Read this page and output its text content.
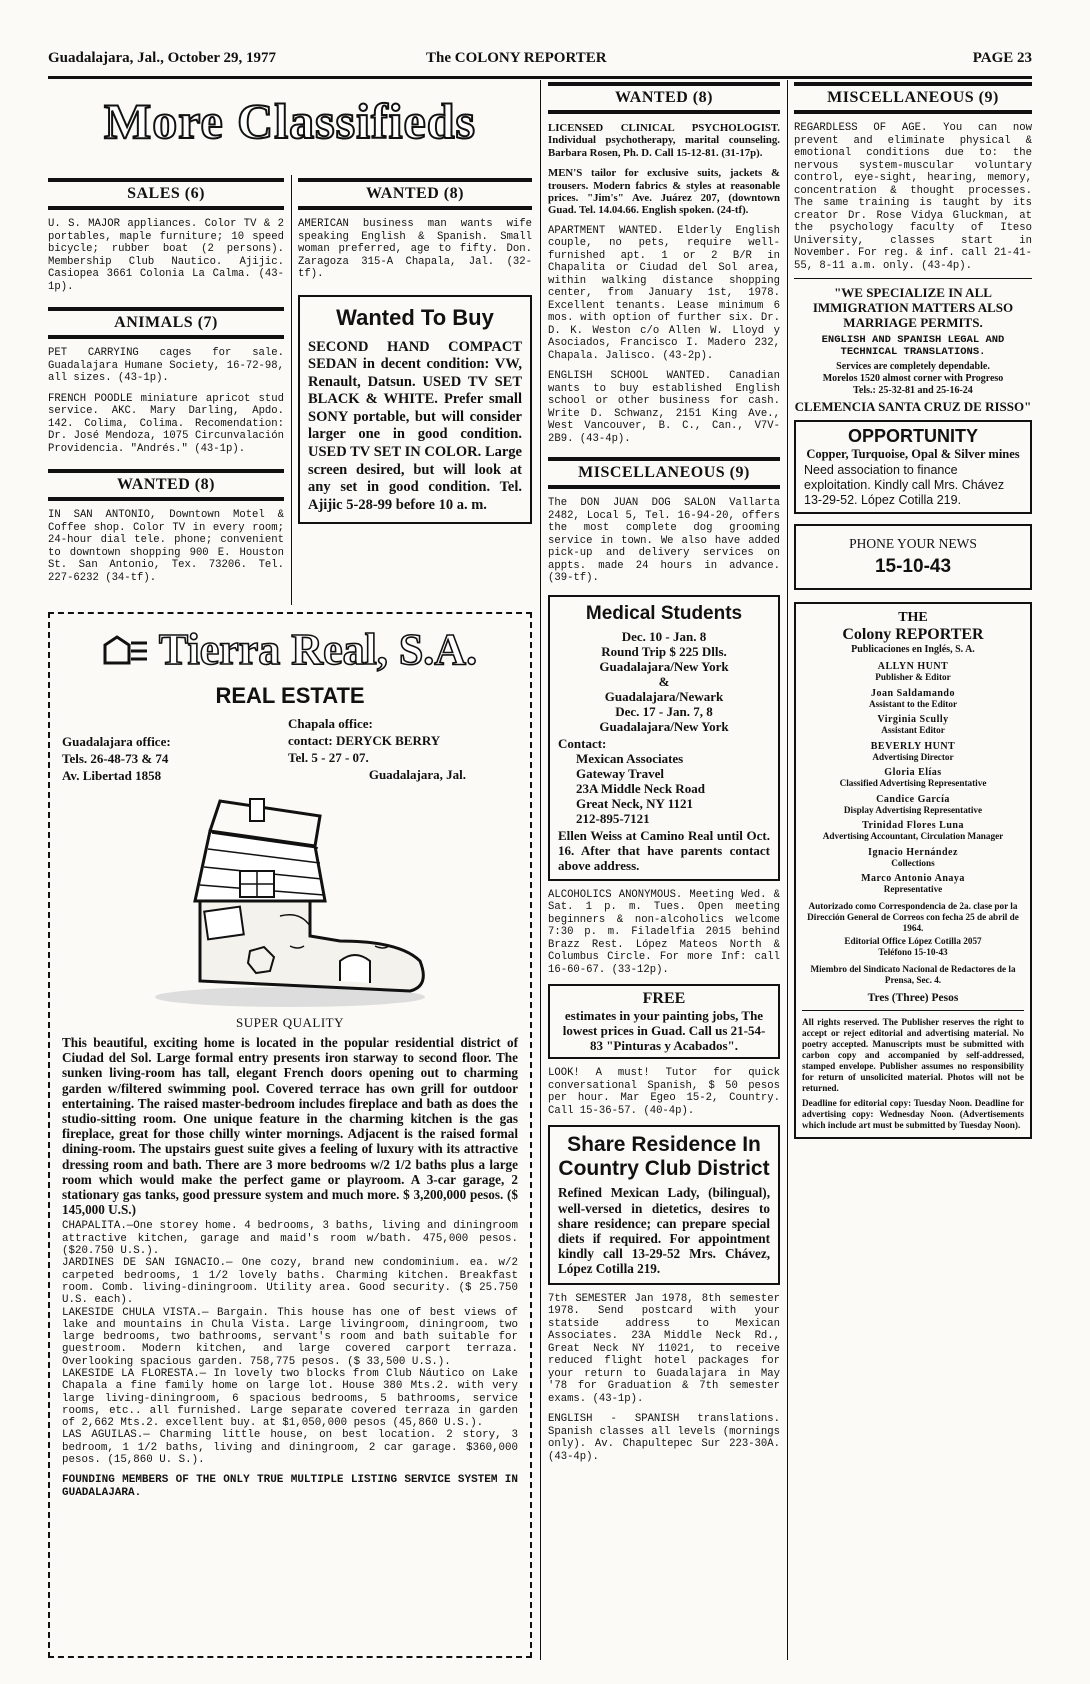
Guadalajara, Jal., October 29, 1977	The COLONY REPORTER	PAGE 23
More Classifieds
SALES (6)

U. S. MAJOR appliances. Color TV & 2 portables, maple furniture; 10 speed bicycle; rubber boat (2 persons). Membership Club Nautico. Ajijic. Casiopea 3661 Colonia La Calma. (43-1p).

ANIMALS (7)

PET CARRYING cages for sale. Guadalajara Humane Society, 16-72-98, all sizes. (43-1p).

FRENCH POODLE miniature apricot stud service. AKC. Mary Darling, Apdo. 142. Colima, Colima. Recomendation: Dr. José Mendoza, 1075 Circunvalación Providencia. "Andrés." (43-1p).

WANTED (8)

IN SAN ANTONIO, Downtown Motel & Coffee shop. Color TV in every room; 24-hour dial tele. phone; convenient to downtown shopping 900 E. Houston St. San Antonio, Tex. 73206. Tel. 227-6232 (34-tf).

WANTED (8)

AMERICAN business man wants wife speaking English & Spanish. Small woman preferred, age to fifty. Don. Zaragoza 315-A Chapala, Jal. (32-tf).

Wanted To Buy

SECOND HAND COMPACT SEDAN in decent condition: VW, Renault, Datsun. USED TV SET BLACK & WHITE. Prefer small SONY portable, but will consider larger one in good condition. USED TV SET IN COLOR. Large screen desired, but will look at any set in good condition. Tel. Ajijic 5-28-99 before 10 a. m.

Tierra Real, S.A.
REAL ESTATE
Guadalajara office:
Tels. 26-48-73 & 74
Av. Libertad 1858
Chapala office:
contact: DERYCK BERRY
Tel. 5 - 27 - 07.
Guadalajara, Jal.
SUPER QUALITY

This beautiful, exciting home is located in the popular residential district of Ciudad del Sol. Large formal entry presents iron starway to second floor. The sunken living-room has tall, elegant French doors opening out to charming garden w/filtered swimming pool. Covered terrace has own grill for outdoor entertaining. The raised master-bedroom includes fireplace and bath as does the studio-sitting room. One unique feature in the charming kitchen is the gas fireplace, great for those chilly winter mornings. Adjacent is the raised formal dining-room. The upstairs guest suite gives a feeling of luxury with its attractive dressing room and bath. There are 3 more bedrooms w/2 1/2 baths plus a large room which would make the perfect game or playroom. A 3-car garage, 2 stationary gas tanks, good pressure system and much more. $ 3,200,000 pesos. ($ 145,000 U.S.)

CHAPALITA.—One storey home. 4 bedrooms, 3 baths, living and diningroom attractive kitchen, garage and maid's room w/bath. 475,000 pesos. ($20.750 U.S.).

JARDINES DE SAN IGNACIO.— One cozy, brand new condominium. ea. w/2 carpeted bedrooms, 1 1/2 lovely baths. Charming kitchen. Breakfast room. Comb. living-diningroom. Utility area. Good security. ($ 25.750 U.S. each).

LAKESIDE CHULA VISTA.— Bargain. This house has one of best views of lake and mountains in Chula Vista. Large livingroom, diningroom, two large bedrooms, two bathrooms, servant's room and bath suitable for guestroom. Modern kitchen, and large covered carport terraza. Overlooking spacious garden. 758,775 pesos. ($ 33,500 U.S.).

LAKESIDE LA FLORESTA.— In lovely two blocks from Club Náutico on Lake Chapala a fine family home on large lot. House 380 Mts.2. with very large living-diningroom, 6 spacious bedrooms, 5 bathrooms, service rooms, etc.. all furnished. Large separate covered terraza in garden of 2,662 Mts.2. excellent buy. at $1,050,000 pesos (45,860 U.S.).

LAS AGUILAS.— Charming little house, on best location. 2 story, 3 bedroom, 1 1/2 baths, living and diningroom, 2 car garage. $360,000 pesos. (15,860 U. S.).

FOUNDING MEMBERS OF THE ONLY TRUE MULTIPLE LISTING SERVICE SYSTEM IN GUADALAJARA.

WANTED (8)

LICENSED CLINICAL PSYCHOLOGIST. Individual psychotherapy, marital counseling. Barbara Rosen, Ph. D. Call 15-12-81. (31-17p).

MEN'S tailor for exclusive suits, jackets & trousers. Modern fabrics & styles at reasonable prices. "Jim's" Ave. Juárez 207, (downtown Guad. Tel. 14.04.66. English spoken. (24-tf).

APARTMENT WANTED. Elderly English couple, no pets, require well-furnished apt. 1 or 2 B/R in Chapalita or Ciudad del Sol area, within walking distance shopping center, from January 1st, 1978. Excellent tenants. Lease minimum 6 mos. with option of further six. Dr. D. K. Weston c/o Allen W. Lloyd y Asociados, Francisco I. Madero 232, Chapala. Jalisco. (43-2p).

ENGLISH SCHOOL WANTED. Canadian wants to buy established English school or other business for cash. Write D. Schwanz, 2151 King Ave., West Vancouver, B. C., Can., V7V-2B9. (43-4p).

MISCELLANEOUS (9)

The DON JUAN DOG SALON Vallarta 2482, Local 5, Tel. 16-94-20, offers the most complete dog grooming service in town. We also have added pick-up and delivery services on appts. made 24 hours in advance. (39-tf).

Medical Students
Dec. 10 - Jan. 8
Round Trip $ 225 Dlls.
Guadalajara/New York
&
Guadalajara/Newark
Dec. 17 - Jan. 7, 8
Guadalajara/New York
Contact:
Mexican Associates
Gateway Travel
23A Middle Neck Road
Great Neck, NY 1121
212-895-7121

Ellen Weiss at Camino Real until Oct. 16. After that have parents contact above address.

ALCOHOLICS ANONYMOUS. Meeting Wed. & Sat. 1 p. m. Tues. Open meeting beginners & non-alcoholics welcome 7:30 p. m. Filadelfia 2015 behind Brazz Rest. López Mateos North & Columbus Circle. For more Inf: call 16-60-67. (33-12p).

FREE

estimates in your painting jobs, The lowest prices in Guad. Call us 21-54-83 "Pinturas y Acabados".

LOOK! A must! Tutor for quick conversational Spanish, $ 50 pesos per hour. Mar Egeo 15-2, Country. Call 15-36-57. (40-4p).

Share Residence In Country Club District

Refined Mexican Lady, (bilingual), well-versed in dietetics, desires to share residence; can prepare special diets if required. For appointment kindly call 13-29-52 Mrs. Chávez, López Cotilla 219.

7th SEMESTER Jan 1978, 8th semester 1978. Send postcard with your statside address to Mexican Associates. 23A Middle Neck Rd., Great Neck NY 11021, to receive reduced flight hotel packages for your return to Guadalajara in May '78 for Graduation & 7th semester exams. (43-1p).

ENGLISH - SPANISH translations. Spanish classes all levels (mornings only). Av. Chapultepec Sur 223-30A. (43-4p).

MISCELLANEOUS (9)

REGARDLESS OF AGE. You can now prevent and eliminate physical & emotional conditions due to: the nervous system-muscular voluntary control, eye-sight, hearing, memory, concentration & thought processes. The same training is taught by its creator Dr. Rose Vidya Gluckman, at the psychology faculty of Iteso University, classes start in November. For reg. & inf. call 21-41-55, 8-11 a.m. only. (43-4p).

"WE SPECIALIZE IN ALL IMMIGRATION MATTERS ALSO MARRIAGE PERMITS.
ENGLISH AND SPANISH LEGAL AND TECHNICAL TRANSLATIONS.
Services are completely dependable.
Morelos 1520 almost corner with Progreso
Tels.: 25-32-81 and 25-16-24
CLEMENCIA SANTA CRUZ DE RISSO"
OPPORTUNITY
Copper, Turquoise, Opal & Silver mines

Need association to finance exploitation. Kindly call Mrs. Chávez 13-29-52. López Cotilla 219.

PHONE YOUR NEWS
15-10-43
THE
Colony REPORTER
Publicaciones en Inglés, S. A.
ALLYN HUNT
Publisher & Editor
Joan Saldamando
Assistant to the Editor
Virginia Scully
Assistant Editor
BEVERLY HUNT
Advertising Director
Gloria Elías
Classified Advertising Representative
Candice García
Display Advertising Representative
Trinidad Flores Luna
Advertising Accountant, Circulation Manager
Ignacio Hernández
Collections
Marco Antonio Anaya
Representative

Autorizado como Correspondencia de 2a. clase por la Dirección General de Correos con fecha 25 de abril de 1964.

Editorial Office López Cotilla 2057

Teléfono 15-10-43

Miembro del Sindicato Nacional de Redactores de la Prensa, Sec. 4.

Tres (Three) Pesos

All rights reserved. The Publisher reserves the right to accept or reject editorial and advertising material. No poetry accepted. Manuscripts must be submitted with carbon copy and accompanied by self-addressed, stamped envelope. Publisher assumes no responsibility for return of unsolicited material. Photos will not be returned.

Deadline for editorial copy: Tuesday Noon. Deadline for advertising copy: Wednesday Noon. (Advertisements which include art must be submitted by Tuesday Noon).
